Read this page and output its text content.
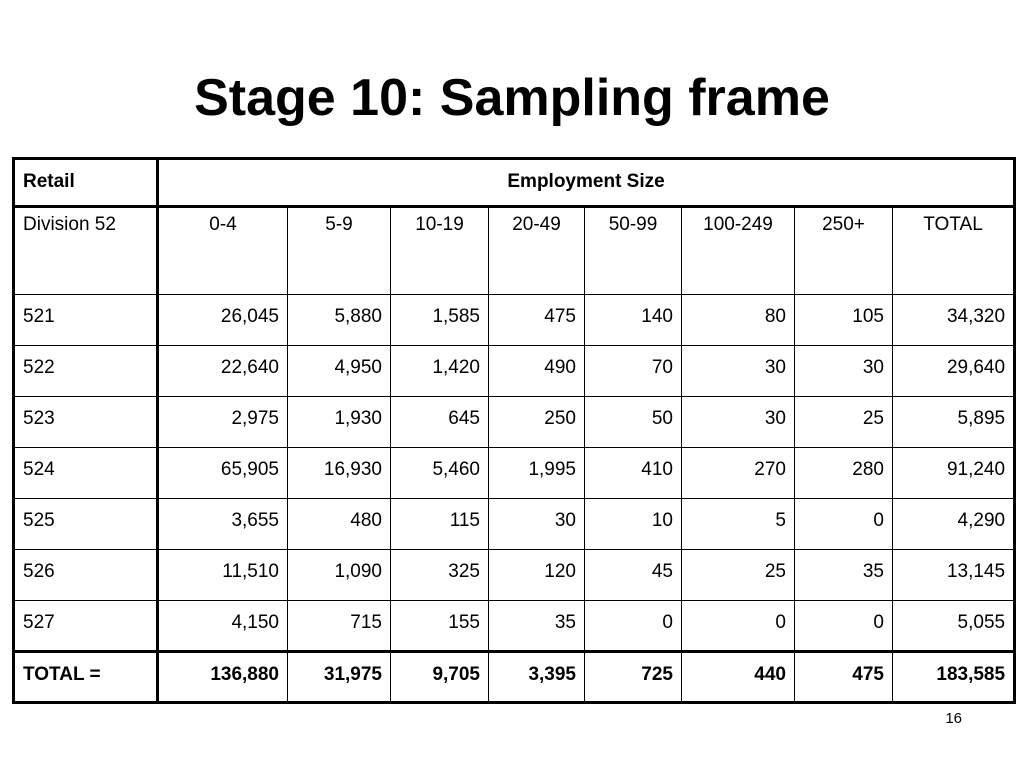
Stage 10: Sampling frame
Retail	Employment Size							
Division 52	0-4	5-9	10-19	20-49	50-99	100-249	250+	TOTAL
521	26,045	5,880	1,585	475	140	80	105	34,320
522	22,640	4,950	1,420	490	70	30	30	29,640
523	2,975	1,930	645	250	50	30	25	5,895
524	65,905	16,930	5,460	1,995	410	270	280	91,240
525	3,655	480	115	30	10	5	0	4,290
526	11,510	1,090	325	120	45	25	35	13,145
527	4,150	715	155	35	0	0	0	5,055
TOTAL =	136,880	31,975	9,705	3,395	725	440	475	183,585
16
